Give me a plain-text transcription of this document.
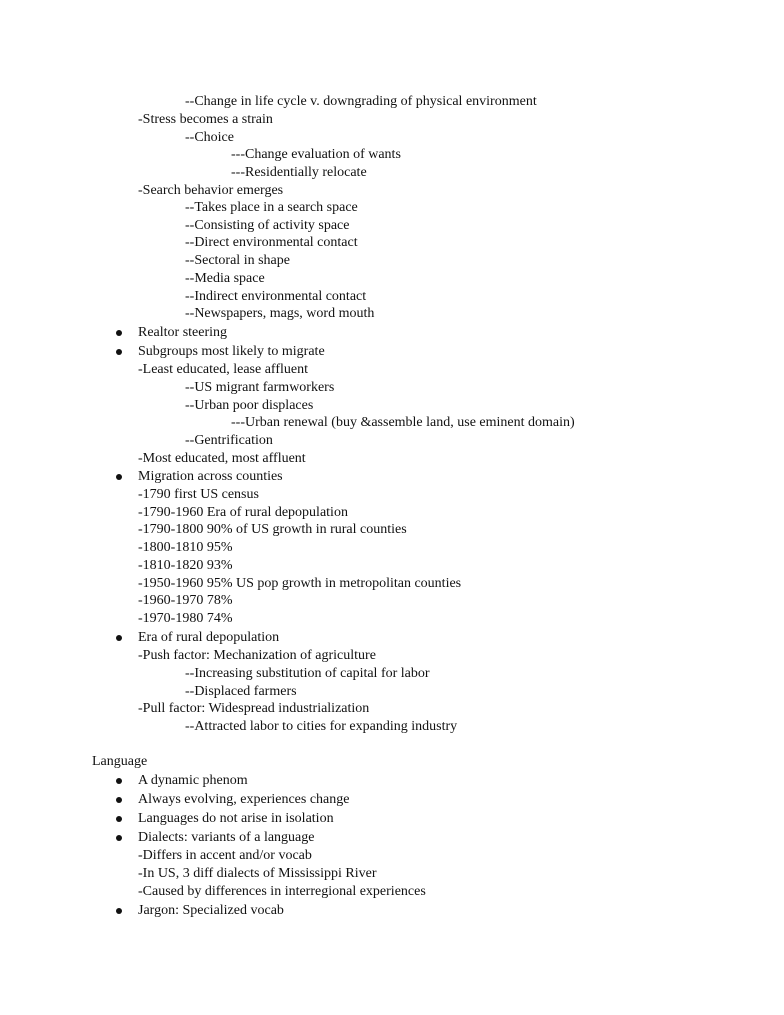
--Change in life cycle v. downgrading of physical environment
-Stress becomes a strain
--Choice
---Change evaluation of wants
---Residentially relocate
-Search behavior emerges
--Takes place in a search space
--Consisting of activity space
--Direct environmental contact
--Sectoral in shape
--Media space
--Indirect environmental contact
--Newspapers, mags, word mouth
Realtor steering
Subgroups most likely to migrate
-Least educated, lease affluent
--US migrant farmworkers
--Urban poor displaces
---Urban renewal (buy &assemble land, use eminent domain)
--Gentrification
-Most educated, most affluent
Migration across counties
-1790 first US census
-1790-1960 Era of rural depopulation
-1790-1800 90% of US growth in rural counties
-1800-1810 95%
-1810-1820 93%
-1950-1960 95% US pop growth in metropolitan counties
-1960-1970 78%
-1970-1980 74%
Era of rural depopulation
-Push factor: Mechanization of agriculture
--Increasing substitution of capital for labor
--Displaced farmers
-Pull factor: Widespread industrialization
--Attracted labor to cities for expanding industry
Language
A dynamic phenom
Always evolving, experiences change
Languages do not arise in isolation
Dialects: variants of a language
-Differs in accent and/or vocab
-In US, 3 diff dialects of Mississippi River
-Caused by differences in interregional experiences
Jargon: Specialized vocab
